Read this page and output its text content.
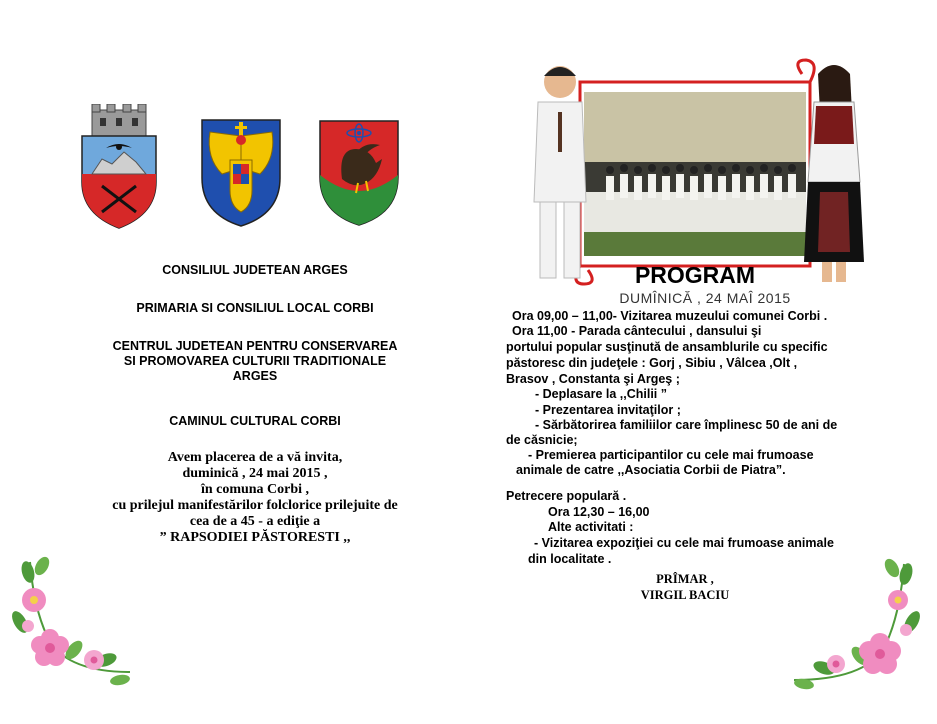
CONSILIUL JUDETEAN ARGES
PRIMARIA SI CONSILIUL LOCAL CORBI
CENTRUL JUDETEAN PENTRU CONSERVAREA
SI PROMOVAREA CULTURII TRADITIONALE
ARGES
CAMINUL CULTURAL CORBI
Avem placerea de a vă invita,
duminică , 24 mai 2015 ,
în comuna Corbi ,
cu prilejul manifestărilor folclorice prilejuite de
cea de a 45 - a ediţie a
” RAPSODIEI PĂSTORESTI ,,
PROGRAM
DUMÎNICĂ , 24 MAÎ 2015
Ora 09,00 – 11,00- Vizitarea muzeului comunei Corbi .
Ora 11,00 - Parada cântecului , dansului şi
portului popular susţinută de ansamblurile cu specific
păstoresc din judeţele : Gorj , Sibiu , Vâlcea ,Olt ,
Brasov , Constanta şi Argeş ;
- Deplasare la ,,Chilii ”
- Prezentarea invitaţilor ;
- Sărbătorirea familiilor care împlinesc 50 de ani de
de căsnicie;
- Premierea participantilor cu cele mai frumoase
animale de catre ,,Asociatia Corbii de Piatra”.
Petrecere populară .
Ora 12,30 – 16,00
Alte activitati :
- Vizitarea expoziţiei cu cele mai frumoase animale
din localitate .
PRÎMAR ,
VIRGIL BACIU
